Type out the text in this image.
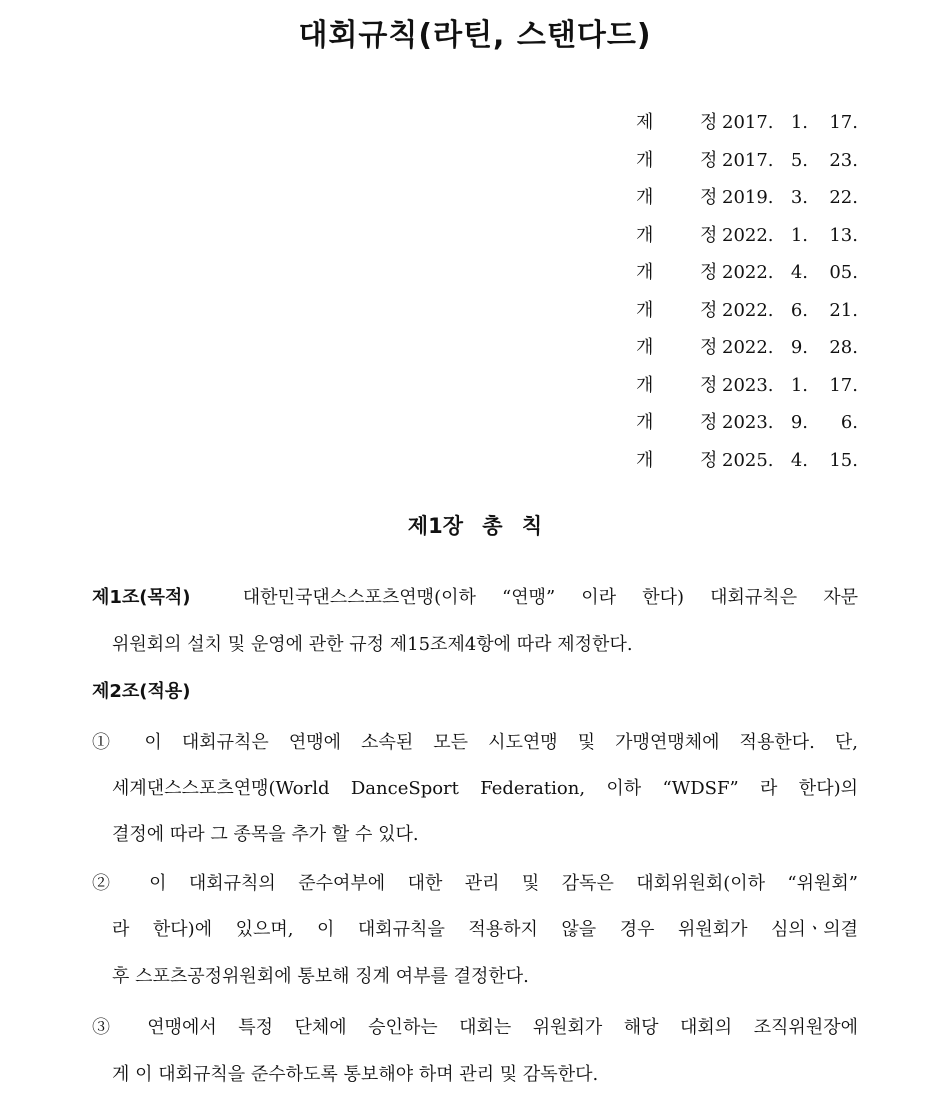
대회규칙(라틴, 스탠다드)
제	정 2017. 1.	17.
개	정 2017. 5.	23.
개	정 2019. 3.	22.
개	정 2022. 1.	13.
개	정 2022. 4.	05.
개	정 2022. 6.	21.
개	정 2022. 9.	28.
개	정 2023. 1.	17.
개	정 2023. 9.	6.
개	정 2025. 4.	15.
제1장 총 칙
제1조(목적)	대한민국댄스스포츠연맹(이하 “연맹” 이라 한다) 대회규칙은 자문
위원회의 설치 및 운영에 관한 규정 제15조제4항에 따라 제정한다.
제2조(적용)
① 이 대회규칙은 연맹에 소속된 모든 시도연맹 및 가맹연맹체에 적용한다. 단,
세계댄스스포츠연맹(World DanceSport Federation, 이하 “WDSF” 라 한다)의
결정에 따라 그 종목을 추가 할 수 있다.
② 이 대회규칙의 준수여부에 대한 관리 및 감독은 대회위원회(이하 “위원회”
라 한다)에 있으며, 이 대회규칙을 적용하지 않을 경우 위원회가 심의ㆍ의결
후 스포츠공정위원회에 통보해 징계 여부를 결정한다.
③ 연맹에서 특정 단체에 승인하는 대회는 위원회가 해당 대회의 조직위원장에
게 이 대회규칙을 준수하도록 통보해야 하며 관리 및 감독한다.
